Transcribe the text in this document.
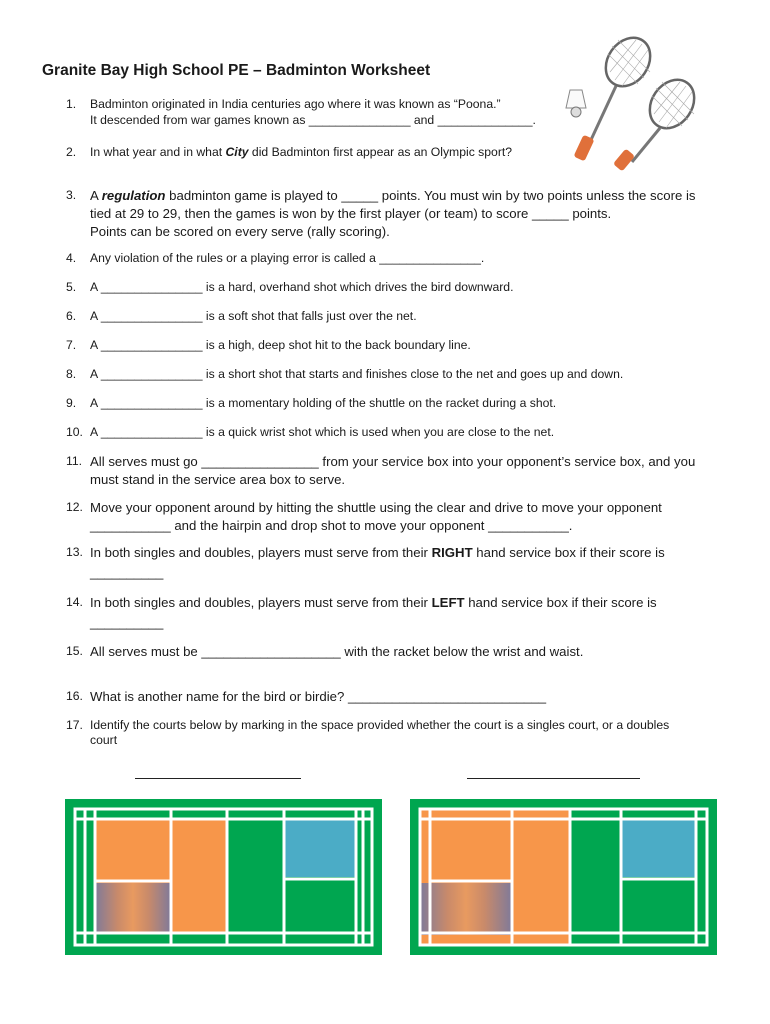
Granite Bay High School PE – Badminton Worksheet
1.	Badminton originated in India centuries ago where it was known as “Poona.”
It descended from war games known as _______________ and ______________.
2.	In what year and in what City did Badminton first appear as an Olympic sport?
3.	A regulation badminton game is played to _____ points. You must win by two points unless the score is
tied at 29 to 29, then the games is won by the first player (or team) to score _____ points.
Points can be scored on every serve (rally scoring).
4.	Any violation of the rules or a playing error is called a _______________.
5.	A _______________ is a hard, overhand shot which drives the bird downward.
6.	A _______________ is a soft shot that falls just over the net.
7.	A _______________ is a high, deep shot hit to the back boundary line.
8.	A _______________ is a short shot that starts and finishes close to the net and goes up and down.
9.	A _______________ is a momentary holding of the shuttle on the racket during a shot.
10. A _______________ is a quick wrist shot which is used when you are close to the net.
11. All serves must go ________________ from your service box into your opponent’s service box, and you
must stand in the service area box to serve.
12. Move your opponent around by hitting the shuttle using the clear and drive to move your opponent
___________ and the hairpin and drop shot to move your opponent ___________.
13. In both singles and doubles, players must serve from their RIGHT hand service box if their score is
__________
14. In both singles and doubles, players must serve from their LEFT hand service box if their score is
__________
15. All serves must be ___________________ with the racket below the wrist and waist.
16. What is another name for the bird or birdie? ___________________________
17. Identify the courts below by marking in the space provided whether the court is a singles court, or a doubles
court
